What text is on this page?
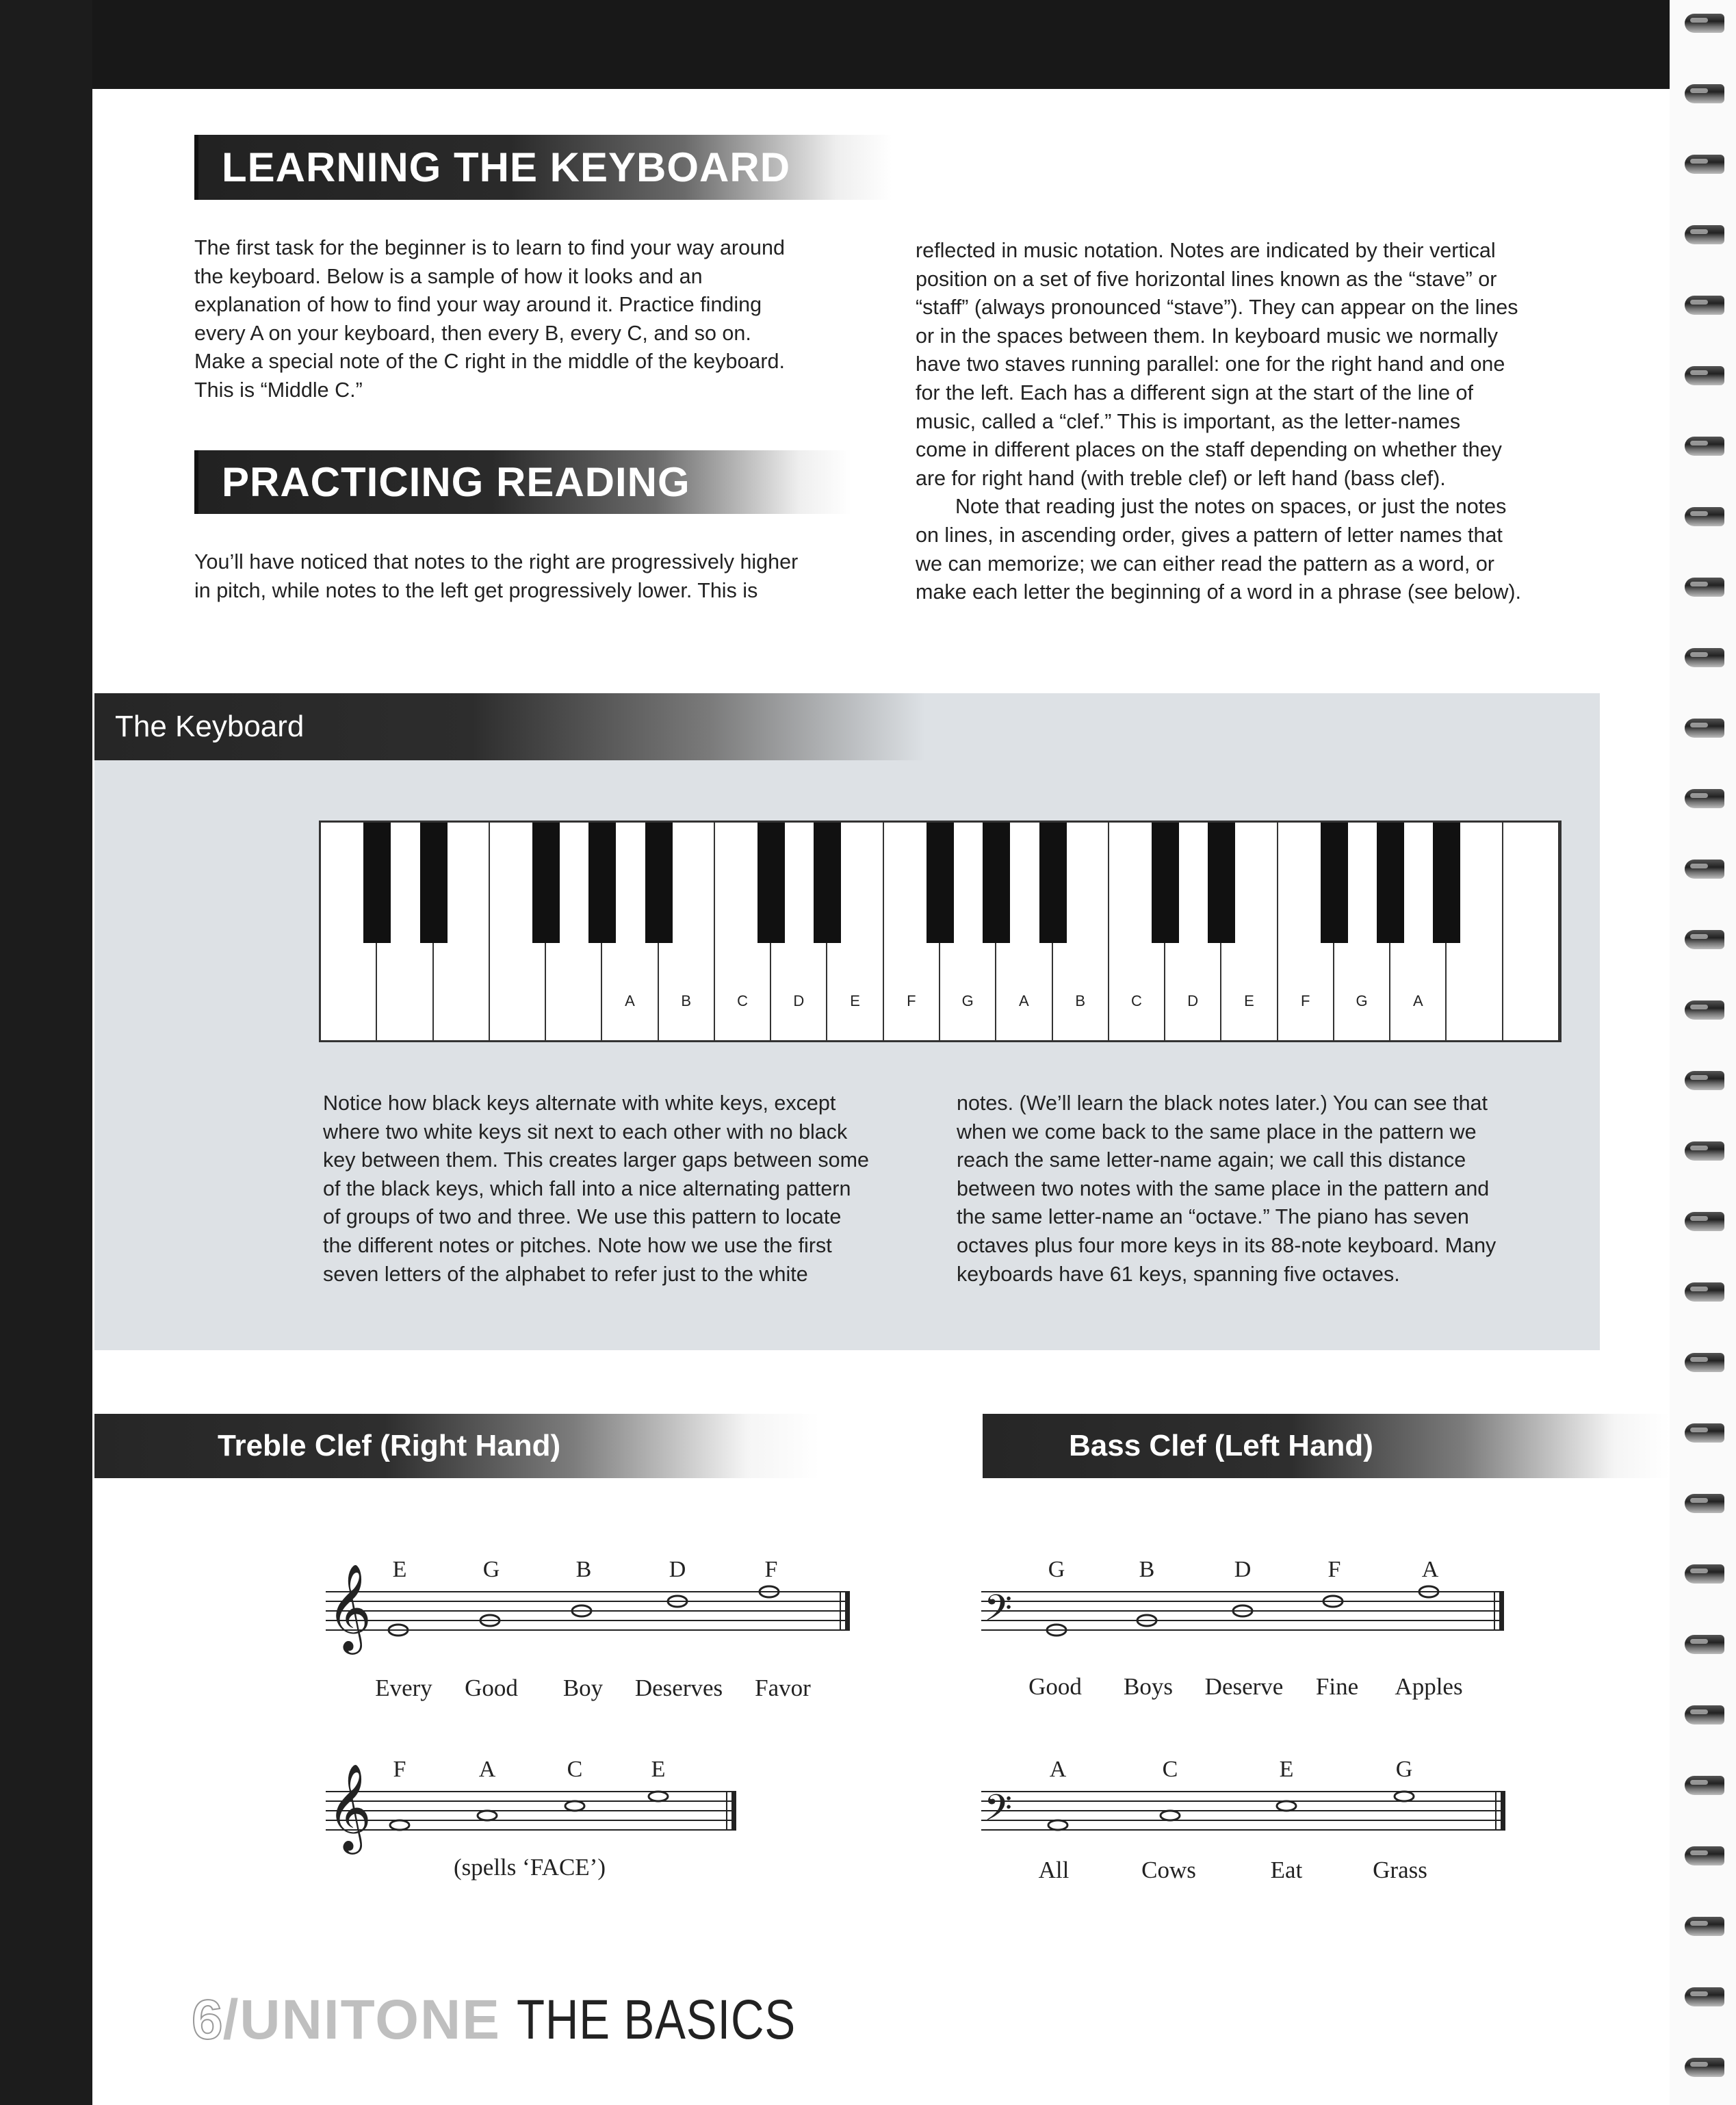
LEARNING THE KEYBOARD

The first task for the beginner is to learn to find your way around

the keyboard. Below is a sample of how it looks and an

explanation of how to find your way around it. Practice finding

every A on your keyboard, then every B, every C, and so on.

Make a special note of the C right in the middle of the keyboard.

This is “Middle C.”

PRACTICING READING

You’ll have noticed that notes to the right are progressively higher

in pitch, while notes to the left get progressively lower. This is

reflected in music notation. Notes are indicated by their vertical

position on a set of five horizontal lines known as the “stave” or

“staff” (always pronounced “stave”). They can appear on the lines

or in the spaces between them. In keyboard music we normally

have two staves running parallel: one for the right hand and one

for the left. Each has a different sign at the start of the line of

music, called a “clef.” This is important, as the letter-names

come in different places on the staff depending on whether they

are for right hand (with treble clef) or left hand (bass clef).

Note that reading just the notes on spaces, or just the notes

on lines, in ascending order, gives a pattern of letter names that

we can memorize; we can either read the pattern as a word, or

make each letter the beginning of a word in a phrase (see below).

The Keyboard
A	B	C	D	E	F	G	A	B	C	D	E	F	G	A

Notice how black keys alternate with white keys, except

where two white keys sit next to each other with no black

key between them. This creates larger gaps between some

of the black keys, which fall into a nice alternating pattern

of groups of two and three. We use this pattern to locate

the different notes or pitches. Note how we use the first

seven letters of the alphabet to refer just to the white

notes. (We’ll learn the black notes later.) You can see that

when we come back to the same place in the pattern we

reach the same letter-name again; we call this distance

between two notes with the same place in the pattern and

the same letter-name an “octave.” The piano has seven

octaves plus four more keys in its 88-note keyboard. Many

keyboards have 61 keys, spanning five octaves.

Treble Clef (Right Hand)	Bass Clef (Left Hand)
𝄞 E	G	B	D	F
Every Good Boy Deserves Favor
𝄞 F	A	C	E
(spells ‘FACE’)
𝄢
G	B	D	F	A
Good Boys Deserve Fine Apples
𝄢
A	C	E	G
All	Cows	Eat	Grass
6/UNITONE THE BASICS
